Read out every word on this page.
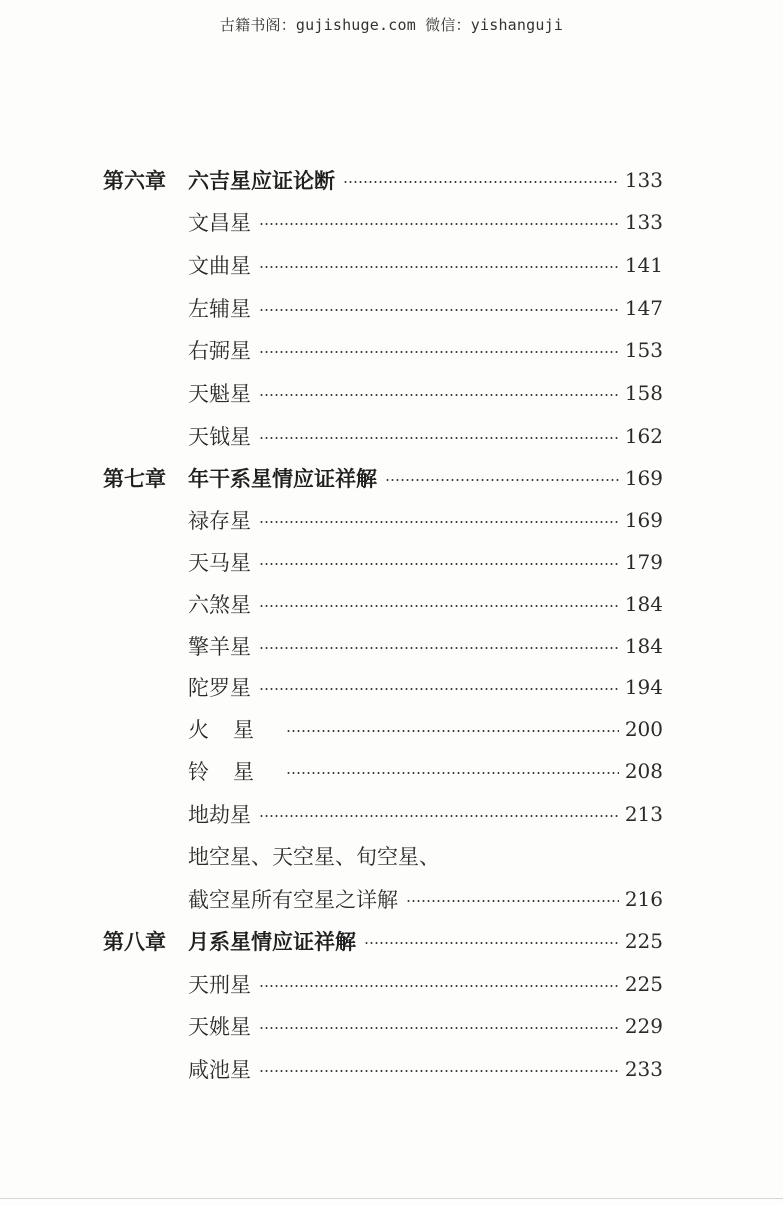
古籍书阁：gujishuge.com 微信：yishanguji
第六章	六吉星应证论断	133
文昌星	133
文曲星	141
左辅星	147
右弼星	153
天魁星	158
天钺星	162
第七章	年干系星情应证祥解	169
禄存星	169
天马星	179
六煞星	184
擎羊星	184
陀罗星	194
火星	200
铃星	208
地劫星	213
地空星、天空星、旬空星、
截空星所有空星之详解	216
第八章	月系星情应证祥解	225
天刑星	225
天姚星	229
咸池星	233
